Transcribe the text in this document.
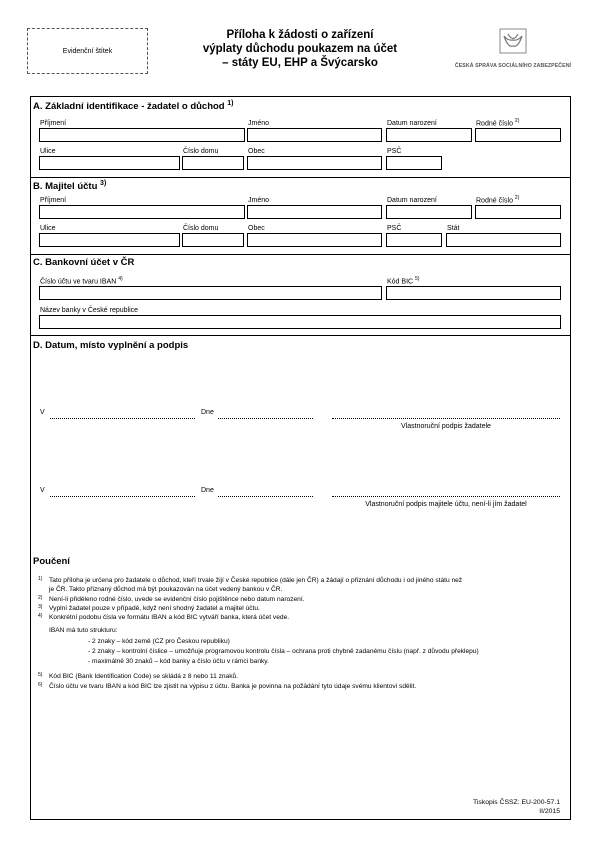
Evidenční štítek
Příloha k žádosti o zařízení
výplaty důchodu poukazem na účet
– státy EU, EHP a Švýcarsko	ČESKÁ SPRÁVA SOCIÁLNÍHO ZABEZPEČENÍ
A. Základní identifikace - žadatel o důchod $^{1)}$
Příjmení	Jméno	Datum narození	Rodné číslo $^{2)}$
Ulice	Číslo domu	Obec	PSČ
B. Majitel účtu $^{3)}$
Příjmení	Jméno	Datum narození	Rodné číslo $^{2)}$
Ulice	Číslo domu	Obec	PSČ	Stát
C. Bankovní účet v ČR
Číslo účtu ve tvaru IBAN $^{4)}$	Kód BIC $^{5)}$
Název banky v České republice
D. Datum, místo vyplnění a podpis
V	Dne
Vlastnoruční podpis žadatele
V	Dne
Vlastnoruční podpis majitele účtu, není-li jím žadatel
Poučení
1) Tato příloha je určena pro žadatele o důchod, kteří trvale žijí v České republice (dále jen ČR) a žádají o přiznání důchodu i od jiného státu než
je ČR. Takto přiznaný důchod má být poukazován na účet vedený bankou v ČR.
2) Není-li přiděleno rodné číslo, uvede se evidenční číslo pojištěnce nebo datum narození.
3) Vyplní žadatel pouze v případě, když není shodný žadatel a majitel účtu.
4) Konkrétní podobu čísla ve formátu IBAN a kód BIC vytváří banka, která účet vede.
IBAN má tuto strukturu:
- 2 znaky – kód země (CZ pro Českou republiku)
- 2 znaky – kontrolní číslice – umožňuje programovou kontrolu čísla – ochrana proti chybně zadanému číslu (např. z důvodu překlepu)
- maximálně 30 znaků – kód banky a číslo účtu v rámci banky.
5) Kód BIC (Bank Identification Code) se skládá z 8 nebo 11 znaků.
6) Číslo účtu ve tvaru IBAN a kód BIC lze zjistit na výpisu z účtu. Banka je povinna na požádání tyto údaje svému klientovi sdělit.
Tiskopis ČSSZ: EU-200-57.1
II/2015
